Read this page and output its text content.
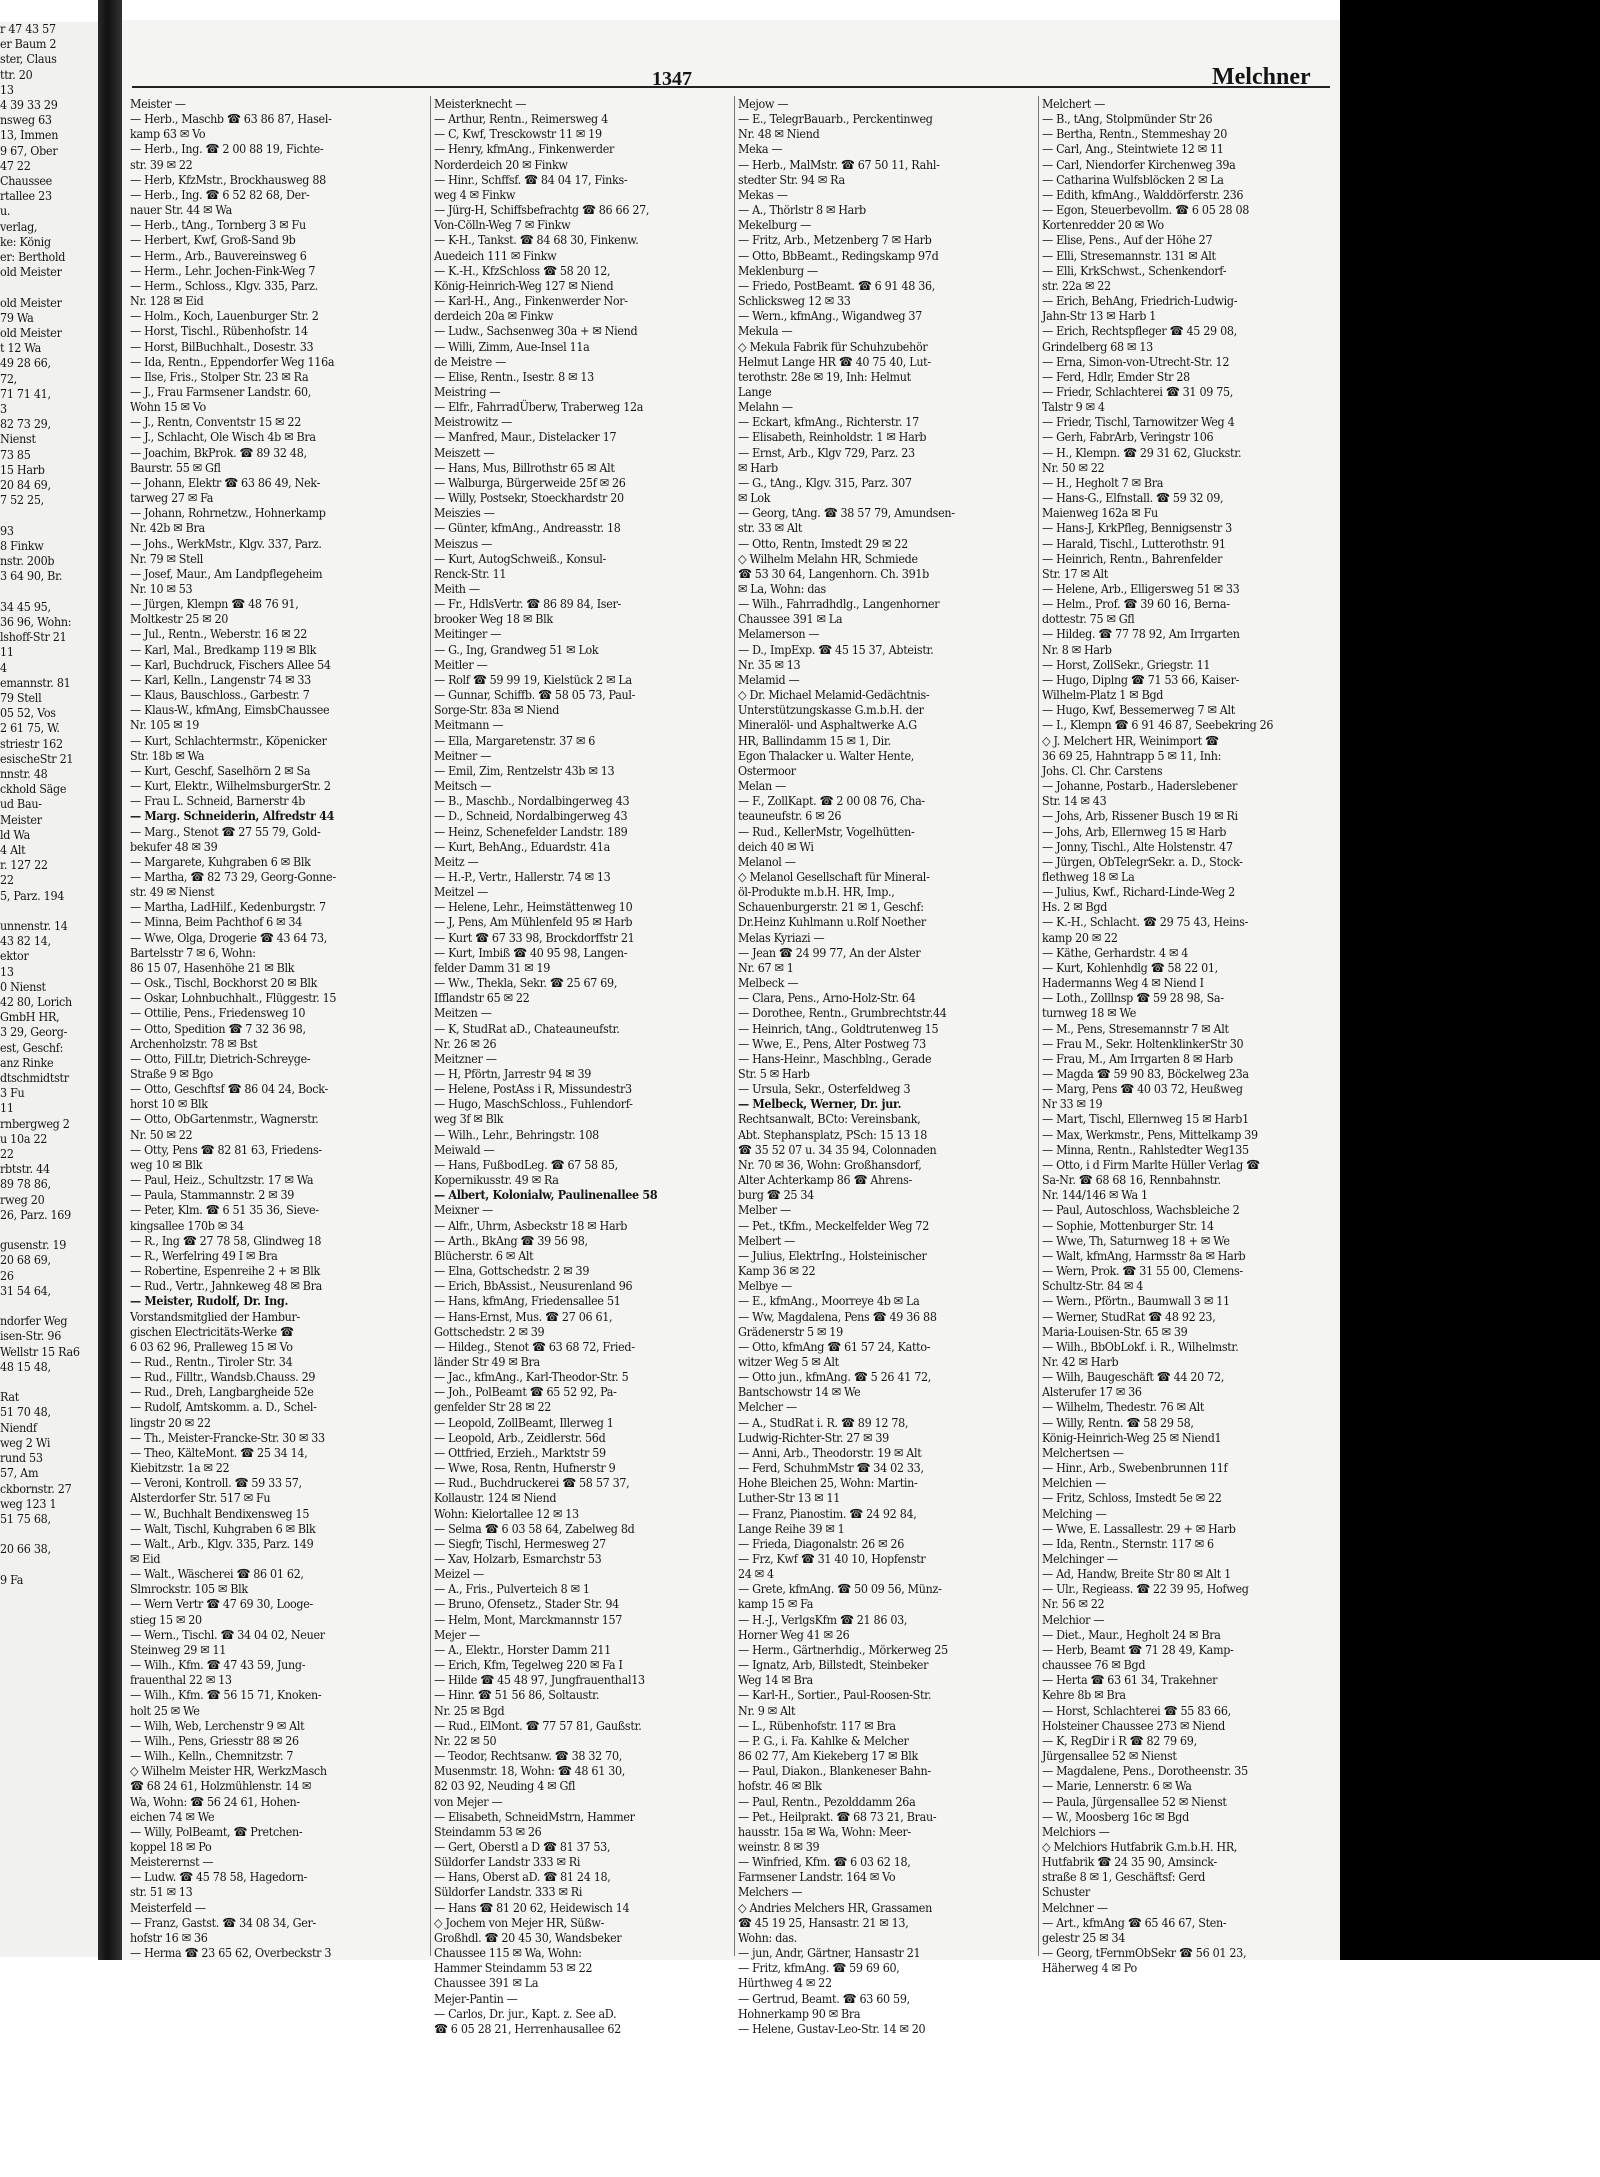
r 47 43 57
er Baum 2
ster, Claus
ttr. 20
13
4 39 33 29
nsweg 63
13, Immen
9 67, Ober
47 22
Chaussee
rtallee 23
u.
verlag,
ke: König
er: Berthold
old Meister

old Meister
79 Wa
old Meister
t 12 Wa
49 28 66,
72,
71 71 41,
3
82 73 29,
Nienst
73 85
15 Harb
20 84 69,
7 52 25,

93
8 Finkw
nstr. 200b
3 64 90, Br.

34 45 95,
36 96, Wohn:
lshoff-Str 21
11
4
emannstr. 81
79 Stell
05 52, Vos
2 61 75, W.
striestr 162
esischeStr 21
nnstr. 48
ckhold Säge
ud Bau-
Meister
ld Wa
4 Alt
r. 127 22
22
5, Parz. 194

unnenstr. 14
43 82 14,
ektor
13
0 Nienst
42 80, Lorich
GmbH HR,
3 29, Georg-
est, Geschf:
anz Rinke
dtschmidtstr
3 Fu
11
rnbergweg 2
u 10a 22
22
rbtstr. 44
89 78 86,
rweg 20
26, Parz. 169

gusenstr. 19
20 68 69,
26
31 54 64,

ndorfer Weg
isen-Str. 96
Wellstr 15 Ra6
48 15 48,

Rat
51 70 48,
Niendf
weg 2 Wi
rund 53
57, Am
ckbornstr. 27
weg 123 1
51 75 68,

20 66 38,

9 Fa
1347	Melchner
Meister —
— Herb., Maschb ☎ 63 86 87, Hasel-
kamp 63 ✉ Vo
— Herb., Ing. ☎ 2 00 88 19, Fichte-
str. 39 ✉ 22
— Herb, KfzMstr., Brockhausweg 88
— Herb., Ing. ☎ 6 52 82 68, Der-
nauer Str. 44 ✉ Wa
— Herb., tAng., Tornberg 3 ✉ Fu
— Herbert, Kwf, Groß-Sand 9b
— Herm., Arb., Bauvereinsweg 6
— Herm., Lehr. Jochen-Fink-Weg 7
— Herm., Schloss., Klgv. 335, Parz.
Nr. 128 ✉ Eid
— Holm., Koch, Lauenburger Str. 2
— Horst, Tischl., Rübenhofstr. 14
— Horst, BilBuchhalt., Dosestr. 33
— Ida, Rentn., Eppendorfer Weg 116a
— Ilse, Fris., Stolper Str. 23 ✉ Ra
— J., Frau Farmsener Landstr. 60,
Wohn 15 ✉ Vo
— J., Rentn, Conventstr 15 ✉ 22
— J., Schlacht, Ole Wisch 4b ✉ Bra
— Joachim, BkProk. ☎ 89 32 48,
Baurstr. 55 ✉ Gfl
— Johann, Elektr ☎ 63 86 49, Nek-
tarweg 27 ✉ Fa
— Johann, Rohrnetzw., Hohnerkamp
Nr. 42b ✉ Bra
— Johs., WerkMstr., Klgv. 337, Parz.
Nr. 79 ✉ Stell
— Josef, Maur., Am Landpflegeheim
Nr. 10 ✉ 53
— Jürgen, Klempn ☎ 48 76 91,
Moltkestr 25 ✉ 20
— Jul., Rentn., Weberstr. 16 ✉ 22
— Karl, Mal., Bredkamp 119 ✉ Blk
— Karl, Buchdruck, Fischers Allee 54
— Karl, Kelln., Langenstr 74 ✉ 33
— Klaus, Bauschloss., Garbestr. 7
— Klaus-W., kfmAng, EimsbChaussee
Nr. 105 ✉ 19
— Kurt, Schlachtermstr., Köpenicker
Str. 18b ✉ Wa
— Kurt, Geschf, Saselhörn 2 ✉ Sa
— Kurt, Elektr., WilhelmsburgerStr. 2
— Frau L. Schneid, Barnerstr 4b
— Marg. Schneiderin, Alfredstr 44
— Marg., Stenot ☎ 27 55 79, Gold-
bekufer 48 ✉ 39
— Margarete, Kuhgraben 6 ✉ Blk
— Martha, ☎ 82 73 29, Georg-Gonne-
str. 49 ✉ Nienst
— Martha, LadHilf., Kedenburgstr. 7
— Minna, Beim Pachthof 6 ✉ 34
— Wwe, Olga, Drogerie ☎ 43 64 73,
Bartelsstr 7 ✉ 6, Wohn:
86 15 07, Hasenhöhe 21 ✉ Blk
— Osk., Tischl, Bockhorst 20 ✉ Blk
— Oskar, Lohnbuchhalt., Flüggestr. 15
— Ottilie, Pens., Friedensweg 10
— Otto, Spedition ☎ 7 32 36 98,
Archenholzstr. 78 ✉ Bst
— Otto, FilLtr, Dietrich-Schreyge-
Straße 9 ✉ Bgo
— Otto, Geschftsf ☎ 86 04 24, Bock-
horst 10 ✉ Blk
— Otto, ObGartenmstr., Wagnerstr.
Nr. 50 ✉ 22
— Otty, Pens ☎ 82 81 63, Friedens-
weg 10 ✉ Blk
— Paul, Heiz., Schultzstr. 17 ✉ Wa
— Paula, Stammannstr. 2 ✉ 39
— Peter, Klm. ☎ 6 51 35 36, Sieve-
kingsallee 170b ✉ 34
— R., Ing ☎ 27 78 58, Glindweg 18
— R., Werfelring 49 I ✉ Bra
— Robertine, Espenreihe 2 + ✉ Blk
— Rud., Vertr., Jahnkeweg 48 ✉ Bra
— Meister, Rudolf, Dr. Ing.
Vorstandsmitglied der Hambur-
gischen Electricitäts-Werke ☎
6 03 62 96, Pralleweg 15 ✉ Vo
— Rud., Rentn., Tiroler Str. 34
— Rud., Filltr., Wandsb.Chauss. 29
— Rud., Dreh, Langbargheide 52e
— Rudolf, Amtskomm. a. D., Schel-
lingstr 20 ✉ 22
— Th., Meister-Francke-Str. 30 ✉ 33
— Theo, KälteMont. ☎ 25 34 14,
Kiebitzstr. 1a ✉ 22
— Veroni, Kontroll. ☎ 59 33 57,
Alsterdorfer Str. 517 ✉ Fu
— W., Buchhalt Bendixensweg 15
— Walt, Tischl, Kuhgraben 6 ✉ Blk
— Walt., Arb., Klgv. 335, Parz. 149
✉ Eid
— Walt., Wäscherei ☎ 86 01 62,
Slmrockstr. 105 ✉ Blk
— Wern Vertr ☎ 47 69 30, Looge-
stieg 15 ✉ 20
— Wern., Tischl. ☎ 34 04 02, Neuer
Steinweg 29 ✉ 11
— Wilh., Kfm. ☎ 47 43 59, Jung-
frauenthal 22 ✉ 13
— Wilh., Kfm. ☎ 56 15 71, Knoken-
holt 25 ✉ We
— Wilh, Web, Lerchenstr 9 ✉ Alt
— Wilh., Pens, Griesstr 88 ✉ 26
— Wilh., Kelln., Chemnitzstr. 7
◇ Wilhelm Meister HR, WerkzMasch
☎ 68 24 61, Holzmühlenstr. 14 ✉
Wa, Wohn: ☎ 56 24 61, Hohen-
eichen 74 ✉ We
— Willy, PolBeamt, ☎ Pretchen-
koppel 18 ✉ Po
Meisterernst —
— Ludw. ☎ 45 78 58, Hagedorn-
str. 51 ✉ 13
Meisterfeld —
— Franz, Gastst. ☎ 34 08 34, Ger-
hofstr 16 ✉ 36
— Herma ☎ 23 65 62, Overbeckstr 3
Meisterknecht —
— Arthur, Rentn., Reimersweg 4
— C, Kwf, Tresckowstr 11 ✉ 19
— Henry, kfmAng., Finkenwerder
Norderdeich 20 ✉ Finkw
— Hinr., Schffsf. ☎ 84 04 17, Finks-
weg 4 ✉ Finkw
— Jürg-H, Schiffsbefrachtg ☎ 86 66 27,
Von-Cölln-Weg 7 ✉ Finkw
— K-H., Tankst. ☎ 84 68 30, Finkenw.
Auedeich 111 ✉ Finkw
— K.-H., KfzSchloss ☎ 58 20 12,
König-Heinrich-Weg 127 ✉ Niend
— Karl-H., Ang., Finkenwerder Nor-
derdeich 20a ✉ Finkw
— Ludw., Sachsenweg 30a + ✉ Niend
— Willi, Zimm, Aue-Insel 11a
de Meistre —
— Elise, Rentn., Isestr. 8 ✉ 13
Meistring —
— Elfr., FahrradÜberw, Traberweg 12a
Meistrowitz —
— Manfred, Maur., Distelacker 17
Meiszett —
— Hans, Mus, Billrothstr 65 ✉ Alt
— Walburga, Bürgerweide 25f ✉ 26
— Willy, Postsekr, Stoeckhardstr 20
Meiszies —
— Günter, kfmAng., Andreasstr. 18
Meiszus —
— Kurt, AutogSchweiß., Konsul-
Renck-Str. 11
Meith —
— Fr., HdlsVertr. ☎ 86 89 84, Iser-
brooker Weg 18 ✉ Blk
Meitinger —
— G., Ing, Grandweg 51 ✉ Lok
Meitler —
— Rolf ☎ 59 99 19, Kielstück 2 ✉ La
— Gunnar, Schiffb. ☎ 58 05 73, Paul-
Sorge-Str. 83a ✉ Niend
Meitmann —
— Ella, Margaretenstr. 37 ✉ 6
Meitner —
— Emil, Zim, Rentzelstr 43b ✉ 13
Meitsch —
— B., Maschb., Nordalbingerweg 43
— D., Schneid, Nordalbingerweg 43
— Heinz, Schenefelder Landstr. 189
— Kurt, BehAng., Eduardstr. 41a
Meitz —
— H.-P., Vertr., Hallerstr. 74 ✉ 13
Meitzel —
— Helene, Lehr., Heimstättenweg 10
— J, Pens, Am Mühlenfeld 95 ✉ Harb
— Kurt ☎ 67 33 98, Brockdorffstr 21
— Kurt, Imbiß ☎ 40 95 98, Langen-
felder Damm 31 ✉ 19
— Ww., Thekla, Sekr. ☎ 25 67 69,
Ifflandstr 65 ✉ 22
Meitzen —
— K, StudRat aD., Chateauneufstr.
Nr. 26 ✉ 26
Meitzner —
— H, Pförtn, Jarrestr 94 ✉ 39
— Helene, PostAss i R, Missundestr3
— Hugo, MaschSchloss., Fuhlendorf-
weg 3f ✉ Blk
— Wilh., Lehr., Behringstr. 108
Meiwald —
— Hans, FußbodLeg. ☎ 67 58 85,
Kopernikusstr. 49 ✉ Ra
— Albert, Kolonialw, Paulinenallee 58
Meixner —
— Alfr., Uhrm, Asbeckstr 18 ✉ Harb
— Arth., BkAng ☎ 39 56 98,
Blücherstr. 6 ✉ Alt
— Elna, Gottschedstr. 2 ✉ 39
— Erich, BbAssist., Neusurenland 96
— Hans, kfmAng, Friedensallee 51
— Hans-Ernst, Mus. ☎ 27 06 61,
Gottschedstr. 2 ✉ 39
— Hildeg., Stenot ☎ 63 68 72, Fried-
länder Str 49 ✉ Bra
— Jac., kfmAng., Karl-Theodor-Str. 5
— Joh., PolBeamt ☎ 65 52 92, Pa-
genfelder Str 28 ✉ 22
— Leopold, ZollBeamt, Illerweg 1
— Leopold, Arb., Zeidlerstr. 56d
— Ottfried, Erzieh., Marktstr 59
— Wwe, Rosa, Rentn, Hufnerstr 9
— Rud., Buchdruckerei ☎ 58 57 37,
Kollaustr. 124 ✉ Niend
Wohn: Kielortallee 12 ✉ 13
— Selma ☎ 6 03 58 64, Zabelweg 8d
— Siegfr, Tischl, Hermesweg 27
— Xav, Holzarb, Esmarchstr 53
Meizel —
— A., Fris., Pulverteich 8 ✉ 1
— Bruno, Ofensetz., Stader Str. 94
— Helm, Mont, Marckmannstr 157
Mejer —
— A., Elektr., Horster Damm 211
— Erich, Kfm, Tegelweg 220 ✉ Fa I
— Hilde ☎ 45 48 97, Jungfrauenthal13
— Hinr. ☎ 51 56 86, Soltaustr.
Nr. 25 ✉ Bgd
— Rud., ElMont. ☎ 77 57 81, Gaußstr.
Nr. 22 ✉ 50
— Teodor, Rechtsanw. ☎ 38 32 70,
Musenmstr. 18, Wohn: ☎ 48 61 30,
82 03 92, Neuding 4 ✉ Gfl
von Mejer —
— Elisabeth, SchneidMstrn, Hammer
Steindamm 53 ✉ 26
— Gert, Oberstl a D ☎ 81 37 53,
Süldorfer Landstr 333 ✉ Ri
— Hans, Oberst aD. ☎ 81 24 18,
Süldorfer Landstr. 333 ✉ Ri
— Hans ☎ 81 20 62, Heidewisch 14
◇ Jochem von Mejer HR, Süßw-
Großhdl. ☎ 20 45 30, Wandsbeker
Chaussee 115 ✉ Wa, Wohn:
Hammer Steindamm 53 ✉ 22
Chaussee 391 ✉ La
Mejer-Pantin —
— Carlos, Dr. jur., Kapt. z. See aD.
☎ 6 05 28 21, Herrenhausallee 62
Mejow —
— E., TelegrBauarb., Perckentinweg
Nr. 48 ✉ Niend
Meka —
— Herb., MalMstr. ☎ 67 50 11, Rahl-
stedter Str. 94 ✉ Ra
Mekas —
— A., Thörlstr 8 ✉ Harb
Mekelburg —
— Fritz, Arb., Metzenberg 7 ✉ Harb
— Otto, BbBeamt., Redingskamp 97d
Meklenburg —
— Friedo, PostBeamt. ☎ 6 91 48 36,
Schlicksweg 12 ✉ 33
— Wern., kfmAng., Wigandweg 37
Mekula —
◇ Mekula Fabrik für Schuhzubehör
Helmut Lange HR ☎ 40 75 40, Lut-
terothstr. 28e ✉ 19, Inh: Helmut
Lange
Melahn —
— Eckart, kfmAng., Richterstr. 17
— Elisabeth, Reinholdstr. 1 ✉ Harb
— Ernst, Arb., Klgv 729, Parz. 23
✉ Harb
— G., tAng., Klgv. 315, Parz. 307
✉ Lok
— Georg, tAng. ☎ 38 57 79, Amundsen-
str. 33 ✉ Alt
— Otto, Rentn, Imstedt 29 ✉ 22
◇ Wilhelm Melahn HR, Schmiede
☎ 53 30 64, Langenhorn. Ch. 391b
✉ La, Wohn: das
— Wilh., Fahrradhdlg., Langenhorner
Chaussee 391 ✉ La
Melamerson —
— D., ImpExp. ☎ 45 15 37, Abteistr.
Nr. 35 ✉ 13
Melamid —
◇ Dr. Michael Melamid-Gedächtnis-
Unterstützungskasse G.m.b.H. der
Mineralöl- und Asphaltwerke A.G
HR, Ballindamm 15 ✉ 1, Dir.
Egon Thalacker u. Walter Hente,
Ostermoor
Melan —
— F., ZollKapt. ☎ 2 00 08 76, Cha-
teauneufstr. 6 ✉ 26
— Rud., KellerMstr, Vogelhütten-
deich 40 ✉ Wi
Melanol —
◇ Melanol Gesellschaft für Mineral-
öl-Produkte m.b.H. HR, Imp.,
Schauenburgerstr. 21 ✉ 1, Geschf:
Dr.Heinz Kuhlmann u.Rolf Noether
Melas Kyriazi —
— Jean ☎ 24 99 77, An der Alster
Nr. 67 ✉ 1
Melbeck —
— Clara, Pens., Arno-Holz-Str. 64
— Dorothee, Rentn., Grumbrechtstr.44
— Heinrich, tAng., Goldtrutenweg 15
— Wwe, E., Pens, Alter Postweg 73
— Hans-Heinr., Maschblng., Gerade
Str. 5 ✉ Harb
— Ursula, Sekr., Osterfeldweg 3
— Melbeck, Werner, Dr. jur.
Rechtsanwalt, BCto: Vereinsbank,
Abt. Stephansplatz, PSch: 15 13 18
☎ 35 52 07 u. 34 35 94, Colonnaden
Nr. 70 ✉ 36, Wohn: Großhansdorf,
Alter Achterkamp 86 ☎ Ahrens-
burg ☎ 25 34
Melber —
— Pet., tKfm., Meckelfelder Weg 72
Melbert —
— Julius, ElektrIng., Holsteinischer
Kamp 36 ✉ 22
Melbye —
— E., kfmAng., Moorreye 4b ✉ La
— Ww, Magdalena, Pens ☎ 49 36 88
Grädenerstr 5 ✉ 19
— Otto, kfmAng ☎ 61 57 24, Katto-
witzer Weg 5 ✉ Alt
— Otto jun., kfmAng. ☎ 5 26 41 72,
Bantschowstr 14 ✉ We
Melcher —
— A., StudRat i. R. ☎ 89 12 78,
Ludwig-Richter-Str. 27 ✉ 39
— Anni, Arb., Theodorstr. 19 ✉ Alt
— Ferd, SchuhmMstr ☎ 34 02 33,
Hohe Bleichen 25, Wohn: Martin-
Luther-Str 13 ✉ 11
— Franz, Pianostim. ☎ 24 92 84,
Lange Reihe 39 ✉ 1
— Frieda, Diagonalstr. 26 ✉ 26
— Frz, Kwf ☎ 31 40 10, Hopfenstr
24 ✉ 4
— Grete, kfmAng. ☎ 50 09 56, Münz-
kamp 15 ✉ Fa
— H.-J., VerlgsKfm ☎ 21 86 03,
Horner Weg 41 ✉ 26
— Herm., Gärtnerhdig., Mörkerweg 25
— Ignatz, Arb, Billstedt, Steinbeker
Weg 14 ✉ Bra
— Karl-H., Sortier., Paul-Roosen-Str.
Nr. 9 ✉ Alt
— L., Rübenhofstr. 117 ✉ Bra
— P. G., i. Fa. Kahlke & Melcher
86 02 77, Am Kiekeberg 17 ✉ Blk
— Paul, Diakon., Blankeneser Bahn-
hofstr. 46 ✉ Blk
— Paul, Rentn., Pezolddamm 26a
— Pet., Heilprakt. ☎ 68 73 21, Brau-
hausstr. 15a ✉ Wa, Wohn: Meer-
weinstr. 8 ✉ 39
— Winfried, Kfm. ☎ 6 03 62 18,
Farmsener Landstr. 164 ✉ Vo
Melchers —
◇ Andries Melchers HR, Grassamen
☎ 45 19 25, Hansastr. 21 ✉ 13,
Wohn: das.
— jun, Andr, Gärtner, Hansastr 21
— Fritz, kfmAng. ☎ 59 69 60,
Hürthweg 4 ✉ 22
— Gertrud, Beamt. ☎ 63 60 59,
Hohnerkamp 90 ✉ Bra
— Helene, Gustav-Leo-Str. 14 ✉ 20
Melchert —
— B., tAng, Stolpmünder Str 26
— Bertha, Rentn., Stemmeshay 20
— Carl, Ang., Steintwiete 12 ✉ 11
— Carl, Niendorfer Kirchenweg 39a
— Catharina Wulfsblöcken 2 ✉ La
— Edith, kfmAng., Walddörferstr. 236
— Egon, Steuerbevollm. ☎ 6 05 28 08
Kortenredder 20 ✉ Wo
— Elise, Pens., Auf der Höhe 27
— Elli, Stresemannstr. 131 ✉ Alt
— Elli, KrkSchwst., Schenkendorf-
str. 22a ✉ 22
— Erich, BehAng, Friedrich-Ludwig-
Jahn-Str 13 ✉ Harb 1
— Erich, Rechtspfleger ☎ 45 29 08,
Grindelberg 68 ✉ 13
— Erna, Simon-von-Utrecht-Str. 12
— Ferd, Hdlr, Emder Str 28
— Friedr, Schlachterei ☎ 31 09 75,
Talstr 9 ✉ 4
— Friedr, Tischl, Tarnowitzer Weg 4
— Gerh, FabrArb, Veringstr 106
— H., Klempn. ☎ 29 31 62, Gluckstr.
Nr. 50 ✉ 22
— H., Hegholt 7 ✉ Bra
— Hans-G., Elfnstall. ☎ 59 32 09,
Maienweg 162a ✉ Fu
— Hans-J, KrkPfleg, Bennigsenstr 3
— Harald, Tischl., Lutterothstr. 91
— Heinrich, Rentn., Bahrenfelder
Str. 17 ✉ Alt
— Helene, Arb., Elligersweg 51 ✉ 33
— Helm., Prof. ☎ 39 60 16, Berna-
dottestr. 75 ✉ Gfl
— Hildeg. ☎ 77 78 92, Am Irrgarten
Nr. 8 ✉ Harb
— Horst, ZollSekr., Griegstr. 11
— Hugo, Diplng ☎ 71 53 66, Kaiser-
Wilhelm-Platz 1 ✉ Bgd
— Hugo, Kwf, Bessemerweg 7 ✉ Alt
— I., Klempn ☎ 6 91 46 87, Seebekring 26
◇ J. Melchert HR, Weinimport ☎
36 69 25, Hahntrapp 5 ✉ 11, Inh:
Johs. Cl. Chr. Carstens
— Johanne, Postarb., Haderslebener
Str. 14 ✉ 43
— Johs, Arb, Rissener Busch 19 ✉ Ri
— Johs, Arb, Ellernweg 15 ✉ Harb
— Jonny, Tischl., Alte Holstenstr. 47
— Jürgen, ObTelegrSekr. a. D., Stock-
flethweg 18 ✉ La
— Julius, Kwf., Richard-Linde-Weg 2
Hs. 2 ✉ Bgd
— K.-H., Schlacht. ☎ 29 75 43, Heins-
kamp 20 ✉ 22
— Käthe, Gerhardstr. 4 ✉ 4
— Kurt, Kohlenhdlg ☎ 58 22 01,
Hadermanns Weg 4 ✉ Niend I
— Loth., Zolllnsp ☎ 59 28 98, Sa-
turnweg 18 ✉ We
— M., Pens, Stresemannstr 7 ✉ Alt
— Frau M., Sekr. HoltenklinkerStr 30
— Frau, M., Am Irrgarten 8 ✉ Harb
— Magda ☎ 59 90 83, Böckelweg 23a
— Marg, Pens ☎ 40 03 72, Heußweg
Nr 33 ✉ 19
— Mart, Tischl, Ellernweg 15 ✉ Harb1
— Max, Werkmstr., Pens, Mittelkamp 39
— Minna, Rentn., Rahlstedter Weg135
— Otto, i d Firm Marlte Hüller Verlag ☎
Sa-Nr. ☎ 68 68 16, Rennbahnstr.
Nr. 144/146 ✉ Wa 1
— Paul, Autoschloss, Wachsbleiche 2
— Sophie, Mottenburger Str. 14
— Wwe, Th, Saturnweg 18 + ✉ We
— Walt, kfmAng, Harmsstr 8a ✉ Harb
— Wern, Prok. ☎ 31 55 00, Clemens-
Schultz-Str. 84 ✉ 4
— Wern., Pförtn., Baumwall 3 ✉ 11
— Werner, StudRat ☎ 48 92 23,
Maria-Louisen-Str. 65 ✉ 39
— Wilh., BbObLokf. i. R., Wilhelmstr.
Nr. 42 ✉ Harb
— Wilh, Baugeschäft ☎ 44 20 72,
Alsterufer 17 ✉ 36
— Wilhelm, Thedestr. 76 ✉ Alt
— Willy, Rentn. ☎ 58 29 58,
König-Heinrich-Weg 25 ✉ Niend1
Melchertsen —
— Hinr., Arb., Swebenbrunnen 11f
Melchien —
— Fritz, Schloss, Imstedt 5e ✉ 22
Melching —
— Wwe, E. Lassallestr. 29 + ✉ Harb
— Ida, Rentn., Sternstr. 117 ✉ 6
Melchinger —
— Ad, Handw, Breite Str 80 ✉ Alt 1
— Ulr., Regieass. ☎ 22 39 95, Hofweg
Nr. 56 ✉ 22
Melchior —
— Diet., Maur., Hegholt 24 ✉ Bra
— Herb, Beamt ☎ 71 28 49, Kamp-
chaussee 76 ✉ Bgd
— Herta ☎ 63 61 34, Trakehner
Kehre 8b ✉ Bra
— Horst, Schlachterei ☎ 55 83 66,
Holsteiner Chaussee 273 ✉ Niend
— K, RegDir i R ☎ 82 79 69,
Jürgensallee 52 ✉ Nienst
— Magdalene, Pens., Dorotheenstr. 35
— Marie, Lennerstr. 6 ✉ Wa
— Paula, Jürgensallee 52 ✉ Nienst
— W., Moosberg 16c ✉ Bgd
Melchiors —
◇ Melchiors Hutfabrik G.m.b.H. HR,
Hutfabrik ☎ 24 35 90, Amsinck-
straße 8 ✉ 1, Geschäftsf: Gerd
Schuster
Melchner —
— Art., kfmAng ☎ 65 46 67, Sten-
gelestr 25 ✉ 34
— Georg, tFernmObSekr ☎ 56 01 23,
Häherweg 4 ✉ Po
